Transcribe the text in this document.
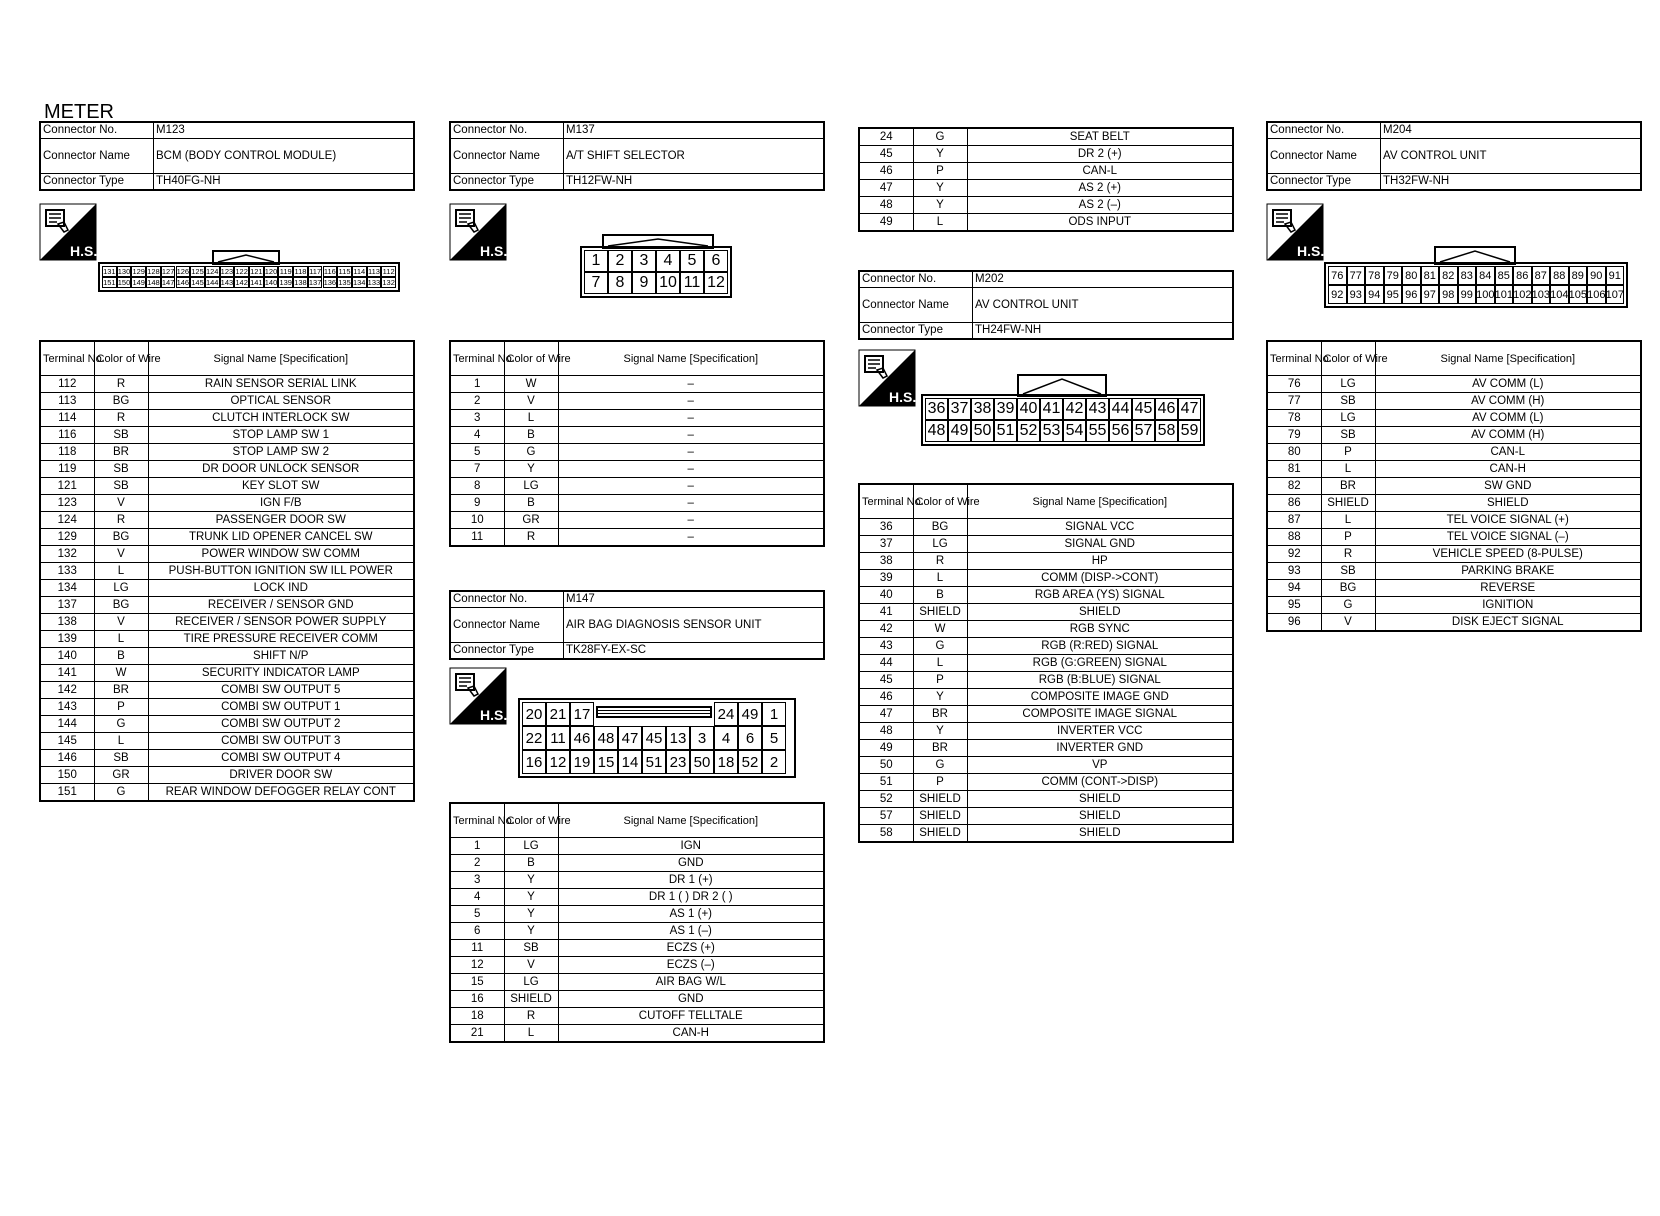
METER
Connector No.	M123
Connector Name	BCM (BODY CONTROL MODULE)
Connector Type	TH40FG-NH
H.S.
131 130 129 128 127 126 125 124 123 122 121 120 119 118 117 116 115 114 113 112
151 150 149 148 147 146 145 144 143 142 141 140 139 138 137 136 135 134 133 132
Terminal No.	Color of Wire	Signal Name [Specification]
112	R	RAIN SENSOR SERIAL LINK
113	BG	OPTICAL SENSOR
114	R	CLUTCH INTERLOCK SW
116	SB	STOP LAMP SW 1
118	BR	STOP LAMP SW 2
119	SB	DR DOOR UNLOCK SENSOR
121	SB	KEY SLOT SW
123	V	IGN F/B
124	R	PASSENGER DOOR SW
129	BG	TRUNK LID OPENER CANCEL SW
132	V	POWER WINDOW SW COMM
133	L	PUSH-BUTTON IGNITION SW ILL POWER
134	LG	LOCK IND
137	BG	RECEIVER / SENSOR GND
138	V	RECEIVER / SENSOR POWER SUPPLY
139	L	TIRE PRESSURE RECEIVER COMM
140	B	SHIFT N/P
141	W	SECURITY INDICATOR LAMP
142	BR	COMBI SW OUTPUT 5
143	P	COMBI SW OUTPUT 1
144	G	COMBI SW OUTPUT 2
145	L	COMBI SW OUTPUT 3
146	SB	COMBI SW OUTPUT 4
150	GR	DRIVER DOOR SW
151	G	REAR WINDOW DEFOGGER RELAY CONT
Connector No.	M137
Connector Name	A/T SHIFT SELECTOR
Connector Type	TH12FW-NH
H.S.
1 2 3 4 5 6
7 8 9 10 11 12
Terminal No.	Color of Wire	Signal Name [Specification]
1	W	–
2	V	–
3	L	–
4	B	–
5	G	–
7	Y	–
8	LG	–
9	B	–
10	GR	–
11	R	–
Connector No.	M147
Connector Name	AIR BAG DIAGNOSIS SENSOR UNIT
Connector Type	TK28FY-EX-SC
H.S. 20 21 17	24 49 1
22 11 46 48 47 45 13 3	4	6	5
16 12 19 15 14 51 23 50 18 52 2
Terminal No.	Color of Wire	Signal Name [Specification]
1	LG	IGN
2	B	GND
3	Y	DR 1 (+)
4	Y	DR 1 ( ) DR 2 ( )
5	Y	AS 1 (+)
6	Y	AS 1 (–)
11	SB	ECZS (+)
12	V	ECZS (–)
15	LG	AIR BAG W/L
16	SHIELD	GND
18	R	CUTOFF TELLTALE
21	L	CAN-H
24	G	SEAT BELT
45	Y	DR 2 (+)
46	P	CAN-L
47	Y	AS 2 (+)
48	Y	AS 2 (–)
49	L	ODS INPUT
Connector No.	M202
Connector Name	AV CONTROL UNIT
Connector Type	TH24FW-NH
H.S.
36 37 38 39 40 41 42 43 44 45 46 47
48 49 50 51 52 53 54 55 56 57 58 59
Terminal No.	Color of Wire	Signal Name [Specification]
36	BG	SIGNAL VCC
37	LG	SIGNAL GND
38	R	HP
39	L	COMM (DISP->CONT)
40	B	RGB AREA (YS) SIGNAL
41	SHIELD	SHIELD
42	W	RGB SYNC
43	G	RGB (R:RED) SIGNAL
44	L	RGB (G:GREEN) SIGNAL
45	P	RGB (B:BLUE) SIGNAL
46	Y	COMPOSITE IMAGE GND
47	BR	COMPOSITE IMAGE SIGNAL
48	Y	INVERTER VCC
49	BR	INVERTER GND
50	G	VP
51	P	COMM (CONT->DISP)
52	SHIELD	SHIELD
57	SHIELD	SHIELD
58	SHIELD	SHIELD
Connector No.	M204
Connector Name	AV CONTROL UNIT
Connector Type	TH32FW-NH
H.S.
76 77 78 79 80 81 82 83 84 85 86 87 88 89 90 91
92 93 94 95 96 97 98 99 100 101 102 103 104 105 106 107
Terminal No.	Color of Wire	Signal Name [Specification]
76	LG	AV COMM (L)
77	SB	AV COMM (H)
78	LG	AV COMM (L)
79	SB	AV COMM (H)
80	P	CAN-L
81	L	CAN-H
82	BR	SW GND
86	SHIELD	SHIELD
87	L	TEL VOICE SIGNAL (+)
88	P	TEL VOICE SIGNAL (–)
92	R	VEHICLE SPEED (8-PULSE)
93	SB	PARKING BRAKE
94	BG	REVERSE
95	G	IGNITION
96	V	DISK EJECT SIGNAL
